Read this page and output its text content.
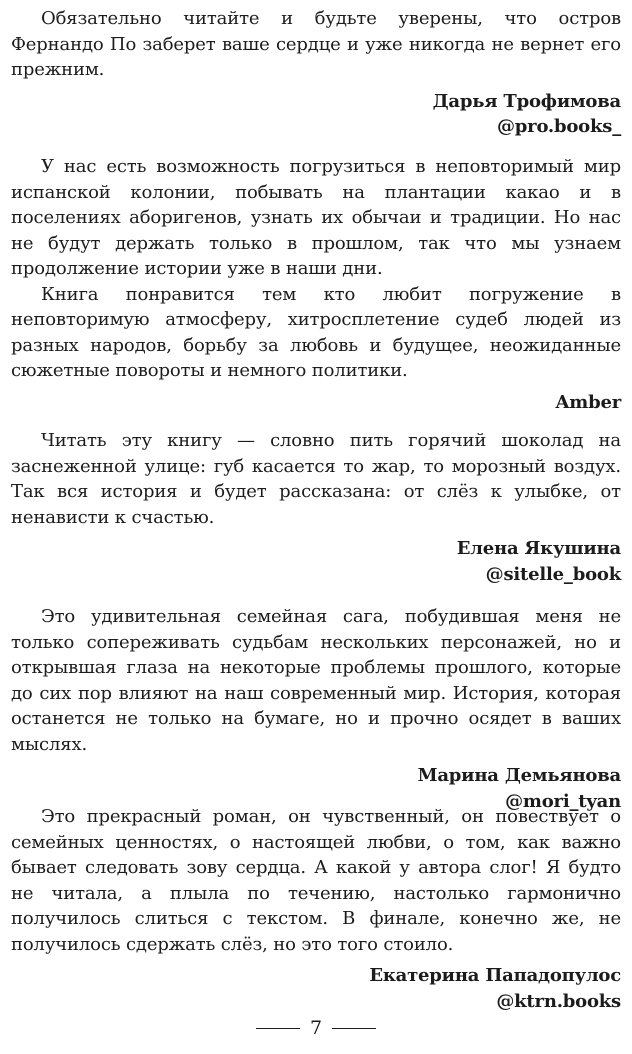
Обязательно читайте и будьте уверены, что остров Фернандо По заберет ваше сердце и уже никогда не вернет его прежним.

Дарья Трофимова

@pro.books_

У нас есть возможность погрузиться в неповторимый мир испанской колонии, побывать на плантации какао и в поселениях аборигенов, узнать их обычаи и традиции. Но нас не будут держать только в прошлом, так что мы узнаем продолжение истории уже в наши дни.

Книга понравится тем кто любит погружение в неповторимую атмосферу, хитросплетение судеб людей из разных народов, борьбу за любовь и будущее, неожиданные сюжетные повороты и немного политики.

Amber

Читать эту книгу — словно пить горячий шоколад на заснеженной улице: губ касается то жар, то морозный воздух. Так вся история и будет рассказана: от слёз к улыбке, от ненависти к счастью.

Елена Якушина

@sitelle_book

Это удивительная семейная сага, побудившая меня не только сопереживать судьбам нескольких персонажей, но и открывшая глаза на некоторые проблемы прошлого, которые до сих пор влияют на наш современный мир. История, которая останется не только на бумаге, но и прочно осядет в ваших мыслях.

Марина Демьянова

@mori_tyan

Это прекрасный роман, он чувственный, он повествует о семейных ценностях, о настоящей любви, о том, как важно бывает следовать зову сердца. А какой у автора слог! Я будто не читала, а плыла по течению, настолько гармонично получилось слиться с текстом. В финале, конечно же, не получилось сдержать слёз, но это того стоило.

Екатерина Пападопулос

@ktrn.books

7
